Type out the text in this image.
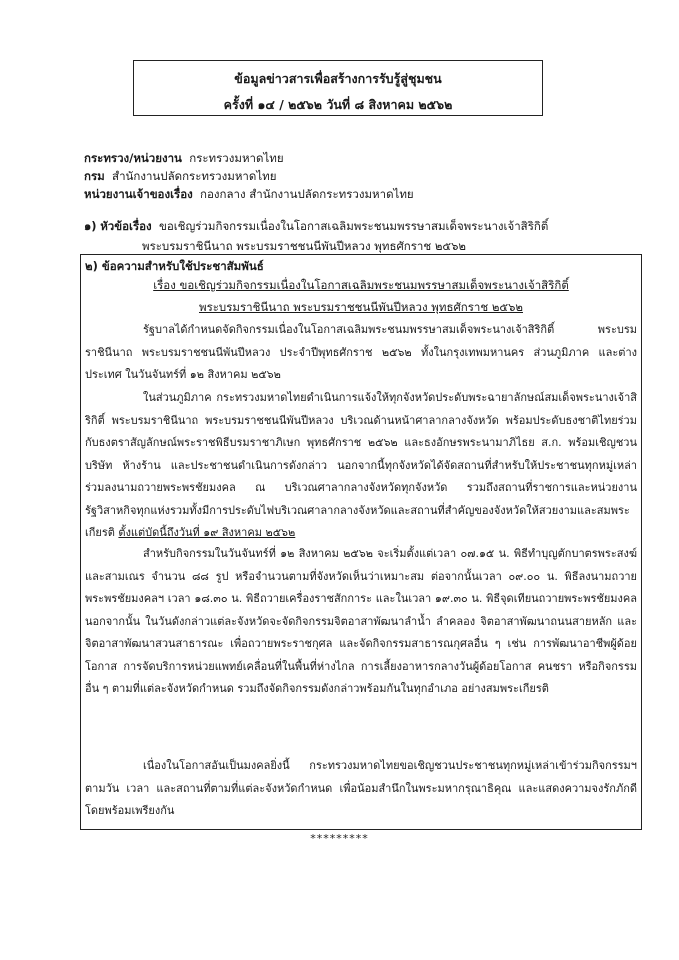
ข้อมูลข่าวสารเพื่อสร้างการรับรู้สู่ชุมชน
ครั้งที่ ๑๔ / ๒๕๖๒ วันที่ ๘ สิงหาคม ๒๕๖๒
กระทรวง/หน่วยงาน กระทรวงมหาดไทย
กรม สำนักงานปลัดกระทรวงมหาดไทย
หน่วยงานเจ้าของเรื่อง กองกลาง สำนักงานปลัดกระทรวงมหาดไทย
๑) หัวข้อเรื่อง ขอเชิญร่วมกิจกรรมเนื่องในโอกาสเฉลิมพระชนมพรรษาสมเด็จพระนางเจ้าสิริกิติ์
พระบรมราชินีนาถ พระบรมราชชนนีพันปีหลวง พุทธศักราช ๒๕๖๒
๒) ข้อความสำหรับใช้ประชาสัมพันธ์
เรื่อง ขอเชิญร่วมกิจกรรมเนื่องในโอกาสเฉลิมพระชนมพรรษาสมเด็จพระนางเจ้าสิริกิติ์
พระบรมราชินีนาถ พระบรมราชชนนีพันปีหลวง พุทธศักราช ๒๕๖๒
รัฐบาลได้กำหนดจัดกิจกรรมเนื่องในโอกาสเฉลิมพระชนมพรรษาสมเด็จพระนางเจ้าสิริกิติ์ พระบรมราชินีนาถ พระบรมราชชนนีพันปีหลวง ประจำปีพุทธศักราช ๒๕๖๒ ทั้งในกรุงเทพมหานคร ส่วนภูมิภาค และต่างประเทศ ในวันจันทร์ที่ ๑๒ สิงหาคม ๒๕๖๒
ในส่วนภูมิภาค กระทรวงมหาดไทยดำเนินการแจ้งให้ทุกจังหวัดประดับพระฉายาลักษณ์สมเด็จพระนางเจ้าสิริกิติ์ พระบรมราชินีนาถ พระบรมราชชนนีพันปีหลวง บริเวณด้านหน้าศาลากลางจังหวัด พร้อมประดับธงชาติไทยร่วมกับธงตราสัญลักษณ์พระราชพิธีบรมราชาภิเษก พุทธศักราช ๒๕๖๒ และธงอักษรพระนามาภิไธย ส.ก. พร้อมเชิญชวนบริษัท ห้างร้าน และประชาชนดำเนินการดังกล่าว นอกจากนี้ทุกจังหวัดได้จัดสถานที่สำหรับให้ประชาชนทุกหมู่เหล่า ร่วมลงนามถวายพระพรชัยมงคล ณ บริเวณศาลากลางจังหวัดทุกจังหวัด รวมถึงสถานที่ราชการและหน่วยงานรัฐวิสาหกิจทุกแห่งรวมทั้งมีการประดับไฟบริเวณศาลากลางจังหวัดและสถานที่สำคัญของจังหวัดให้สวยงามและสมพระเกียรติ ตั้งแต่บัดนี้ถึงวันที่ ๑๙ สิงหาคม ๒๕๖๒
สำหรับกิจกรรมในวันจันทร์ที่ ๑๒ สิงหาคม ๒๕๖๒ จะเริ่มตั้งแต่เวลา ๐๗.๑๕ น. พิธีทำบุญตักบาตรพระสงฆ์และสามเณร จำนวน ๘๘ รูป หรือจำนวนตามที่จังหวัดเห็นว่าเหมาะสม ต่อจากนั้นเวลา ๐๙.๐๐ น. พิธีลงนามถวายพระพรชัยมงคลฯ เวลา ๑๘.๓๐ น. พิธีถวายเครื่องราชสักการะ และในเวลา ๑๙.๓๐ น. พิธีจุดเทียนถวายพระพรชัยมงคล นอกจากนั้น ในวันดังกล่าวแต่ละจังหวัดจะจัดกิจกรรมจิตอาสาพัฒนาลำน้ำ ลำคลอง จิตอาสาพัฒนาถนนสายหลัก และจิตอาสาพัฒนาสวนสาธารณะ เพื่อถวายพระราชกุศล และจัดกิจกรรมสาธารณกุศลอื่น ๆ เช่น การพัฒนาอาชีพผู้ด้อยโอกาส การจัดบริการหน่วยแพทย์เคลื่อนที่ในพื้นที่ห่างไกล การเลี้ยงอาหารกลางวันผู้ด้อยโอกาส คนชรา หรือกิจกรรมอื่น ๆ ตามที่แต่ละจังหวัดกำหนด รวมถึงจัดกิจกรรมดังกล่าวพร้อมกันในทุกอำเภอ อย่างสมพระเกียรติ
เนื่องในโอกาสอันเป็นมงคลยิ่งนี้ กระทรวงมหาดไทยขอเชิญชวนประชาชนทุกหมู่เหล่าเข้าร่วมกิจกรรมฯ ตามวัน เวลา และสถานที่ตามที่แต่ละจังหวัดกำหนด เพื่อน้อมสำนึกในพระมหากรุณาธิคุณ และแสดงความจงรักภักดีโดยพร้อมเพรียงกัน
*********
